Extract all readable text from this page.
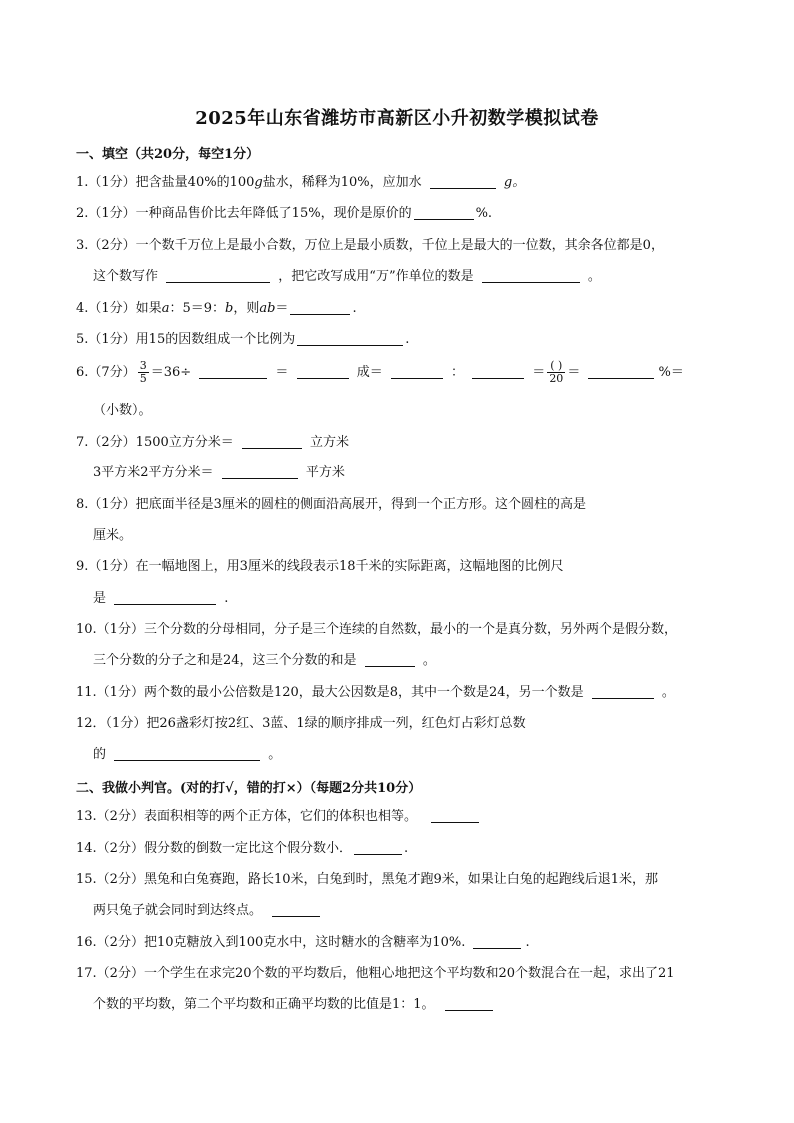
2025年山东省潍坊市高新区小升初数学模拟试卷
一、填空（共20分，每空1分）
1.（1分）把含盐量40%的100g盐水，稀释为10%，应加水	g。
2.（1分）一种商品售价比去年降低了15%，现价是原价的	%.
3.（2分）一个数千万位上是最小合数，万位上是最小质数，千位上是最大的一位数，其余各位都是0，
这个数写作	，把它改写成用“万”作单位的数是	。
4.（1分）如果a：5＝9：b，则ab＝	.
5.（1分）用15的因数组成一个比例为	.
6.（7分） $\frac{3}{5} =36\div$	＝	成＝	：	＝ $\frac{( )}{20}$ ＝	%＝
（小数）。
7.（2分）1500立方分米＝	立方米
3平方米2平方分米＝	平方米
8.（1分）把底面半径是3厘米的圆柱的侧面沿高展开，得到一个正方形。这个圆柱的高是
厘米。
9.（1分）在一幅地图上，用3厘米的线段表示18千米的实际距离，这幅地图的比例尺
是	.
10.（1分）三个分数的分母相同，分子是三个连续的自然数，最小的一个是真分数，另外两个是假分数，
三个分数的分子之和是24，这三个分数的和是	。
11.（1分）两个数的最小公倍数是120，最大公因数是8，其中一个数是24，另一个数是	。
12．（1分）把26盏彩灯按2红、3蓝、1绿的顺序排成一列，红色灯占彩灯总数
的	。
二、我做小判官。(对的打√，错的打×）（每题2分共10分）
13.（2分）表面积相等的两个正方体，它们的体积也相等。
14.（2分）假分数的倒数一定比这个假分数小．	.
15.（2分）黑兔和白兔赛跑，路长10米，白兔到时，黑兔才跑9米，如果让白兔的起跑线后退1米，那
两只兔子就会同时到达终点。
16.（2分）把10克糖放入到100克水中，这时糖水的含糖率为10%.	.
17.（2分）一个学生在求完20个数的平均数后，他粗心地把这个平均数和20个数混合在一起，求出了21
个数的平均数，第二个平均数和正确平均数的比值是1：1。
